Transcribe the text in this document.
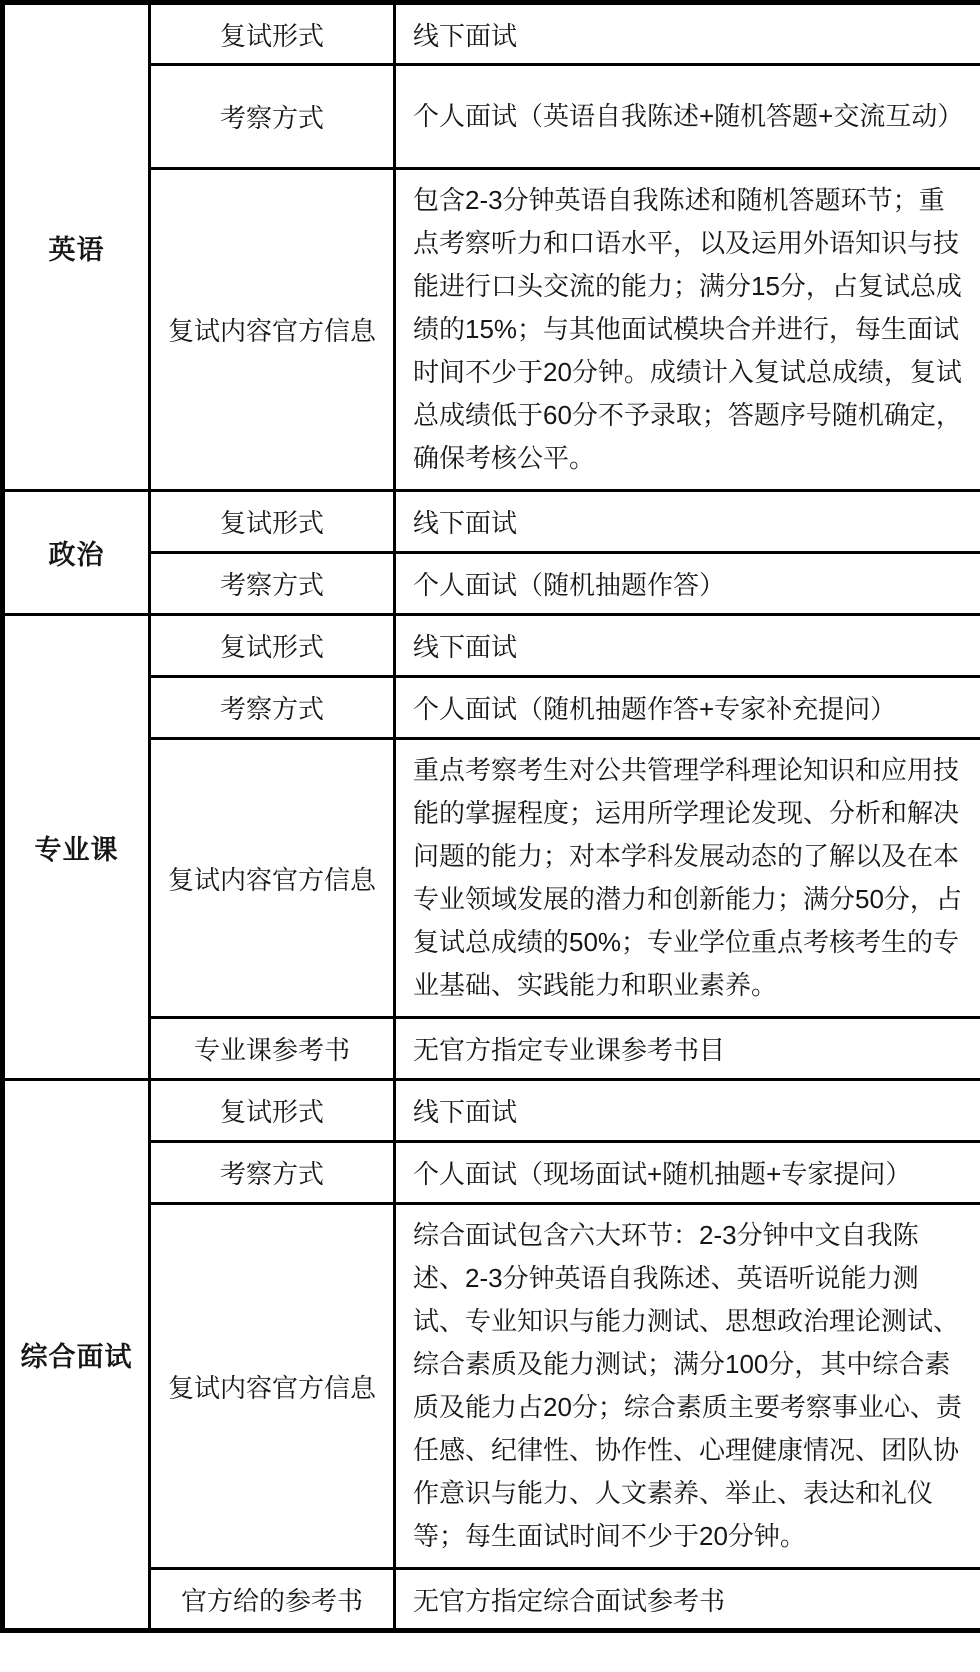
英语	复试形式	线下面试
	考察方式	个人面试（英语自我陈述+随机答题+交流互动）
	复试内容官方信息	包含2-3分钟英语自我陈述和随机答题环节；重点考察听力和口语水平，以及运用外语知识与技能进行口头交流的能力；满分15分，占复试总成绩的15%；与其他面试模块合并进行，每生面试时间不少于20分钟。成绩计入复试总成绩，复试总成绩低于60分不予录取；答题序号随机确定，确保考核公平。
政治	复试形式	线下面试
	考察方式	个人面试（随机抽题作答）
专业课	复试形式	线下面试
	考察方式	个人面试（随机抽题作答+专家补充提问）
	复试内容官方信息	重点考察考生对公共管理学科理论知识和应用技能的掌握程度；运用所学理论发现、分析和解决问题的能力；对本学科发展动态的了解以及在本专业领域发展的潜力和创新能力；满分50分，占复试总成绩的50%；专业学位重点考核考生的专业基础、实践能力和职业素养。
	专业课参考书	无官方指定专业课参考书目
综合面试	复试形式	线下面试
	考察方式	个人面试（现场面试+随机抽题+专家提问）
	复试内容官方信息	综合面试包含六大环节：2-3分钟中文自我陈述、2-3分钟英语自我陈述、英语听说能力测试、专业知识与能力测试、思想政治理论测试、综合素质及能力测试；满分100分，其中综合素质及能力占20分；综合素质主要考察事业心、责任感、纪律性、协作性、心理健康情况、团队协作意识与能力、人文素养、举止、表达和礼仪等；每生面试时间不少于20分钟。
	官方给的参考书	无官方指定综合面试参考书
